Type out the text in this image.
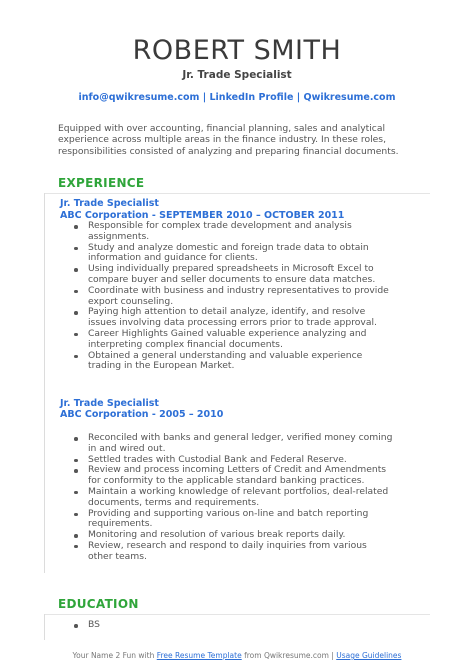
ROBERT SMITH
Jr. Trade Specialist
info@qwikresume.com | LinkedIn Profile | Qwikresume.com
Equipped with over accounting, financial planning, sales and analytical experience across multiple areas in the finance industry. In these roles, responsibilities consisted of analyzing and preparing financial documents.
EXPERIENCE
Jr. Trade Specialist
ABC Corporation - SEPTEMBER 2010 – OCTOBER 2011
Responsible for complex trade development and analysis assignments.
Study and analyze domestic and foreign trade data to obtain information and guidance for clients.
Using individually prepared spreadsheets in Microsoft Excel to compare buyer and seller documents to ensure data matches.
Coordinate with business and industry representatives to provide export counseling.
Paying high attention to detail analyze, identify, and resolve issues involving data processing errors prior to trade approval.
Career Highlights Gained valuable experience analyzing and interpreting complex financial documents.
Obtained a general understanding and valuable experience trading in the European Market.
Jr. Trade Specialist
ABC Corporation - 2005 – 2010
Reconciled with banks and general ledger, verified money coming in and wired out.
Settled trades with Custodial Bank and Federal Reserve.
Review and process incoming Letters of Credit and Amendments for conformity to the applicable standard banking practices.
Maintain a working knowledge of relevant portfolios, deal-related documents, terms and requirements.
Providing and supporting various on-line and batch reporting requirements.
Monitoring and resolution of various break reports daily.
Review, research and respond to daily inquiries from various other teams.
EDUCATION
BS
Your Name 2 Fun with Free Resume Template from Qwikresume.com | Usage Guidelines
